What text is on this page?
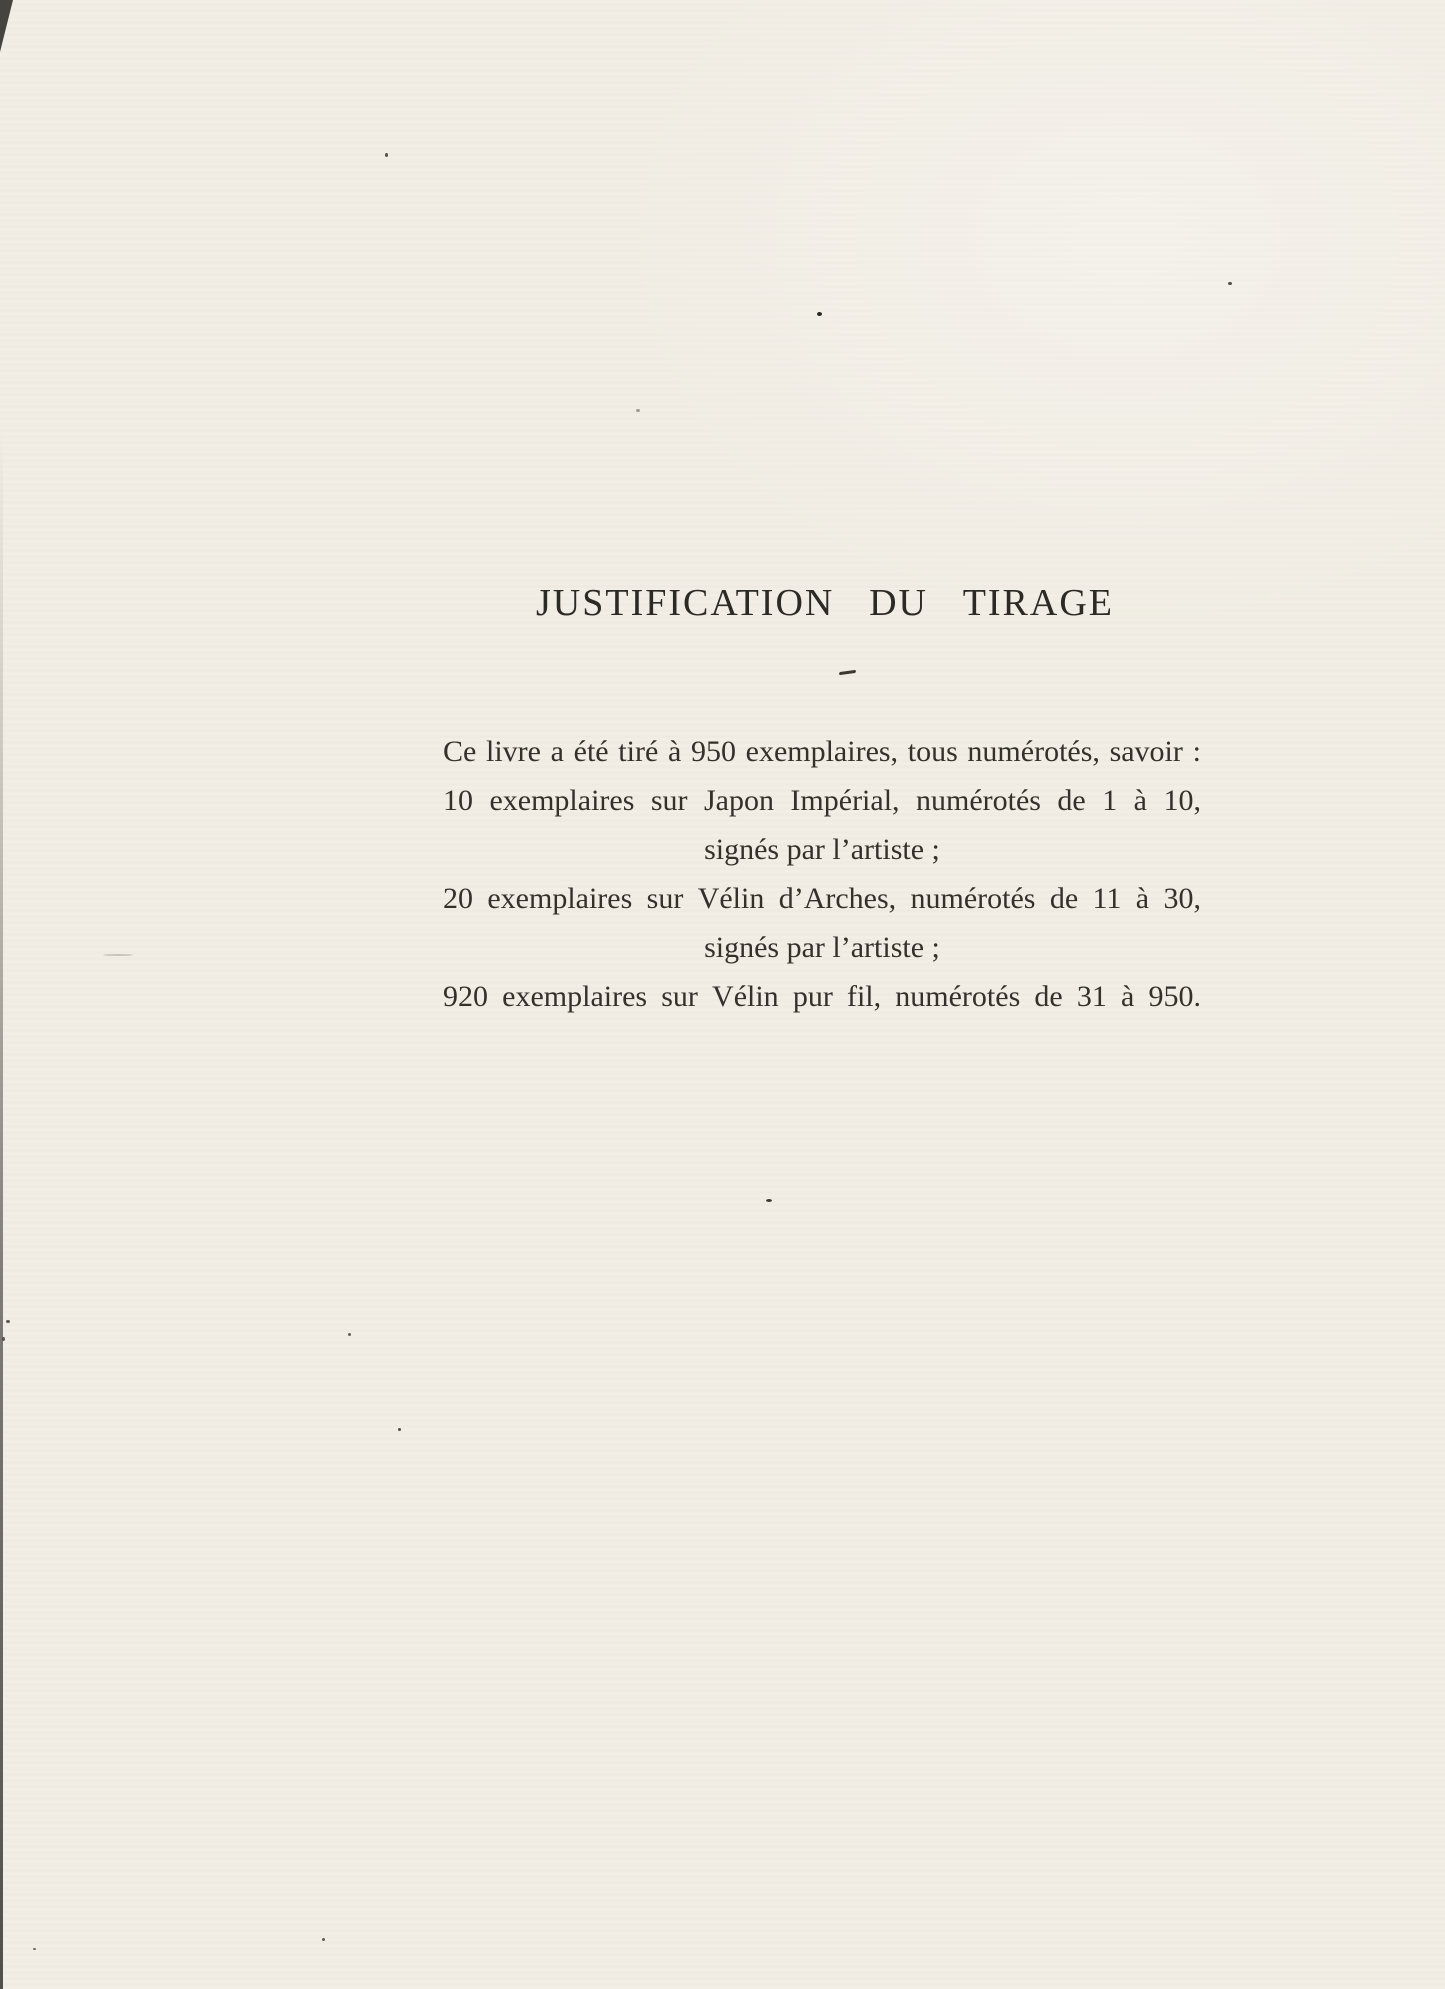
JUSTIFICATION DU TIRAGE
Ce livre a été tiré à 950 exemplaires, tous numérotés, savoir :
10 exemplaires sur Japon Impérial, numérotés de 1 à 10,
signés par l’artiste ;
20 exemplaires sur Vélin d’Arches, numérotés de 11 à 30,
signés par l’artiste ;
920 exemplaires sur Vélin pur fil, numérotés de 31 à 950.
